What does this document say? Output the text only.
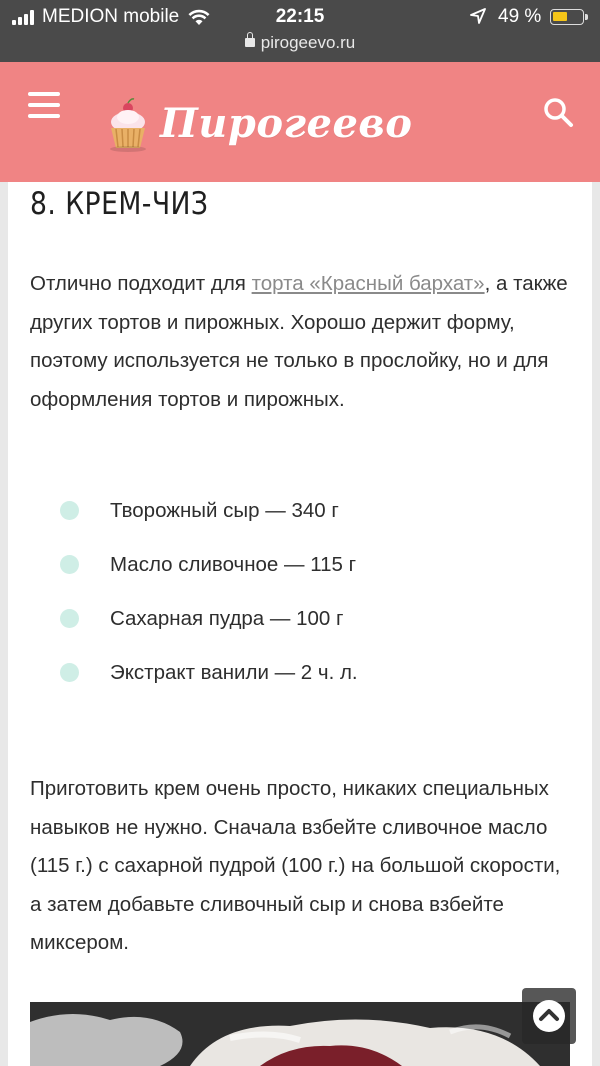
MEDION mobile	22:15	49 %
pirogeevo.ru
Пирогеево
8. КРЕМ-ЧИЗ

Отлично подходит для торта «Красный бархат», а также других тортов и пирожных. Хорошо держит форму, поэтому используется не только в прослойку, но и для оформления тортов и пирожных.

Творожный сыр — 340 г
Масло сливочное — 115 г
Сахарная пудра — 100 г
Экстракт ванили — 2 ч. л.

Приготовить крем очень просто, никаких специальных навыков не нужно. Сначала взбейте сливочное масло (115 г.) с сахарной пудрой (100 г.) на большой скорости, а затем добавьте сливочный сыр и снова взбейте миксером.
